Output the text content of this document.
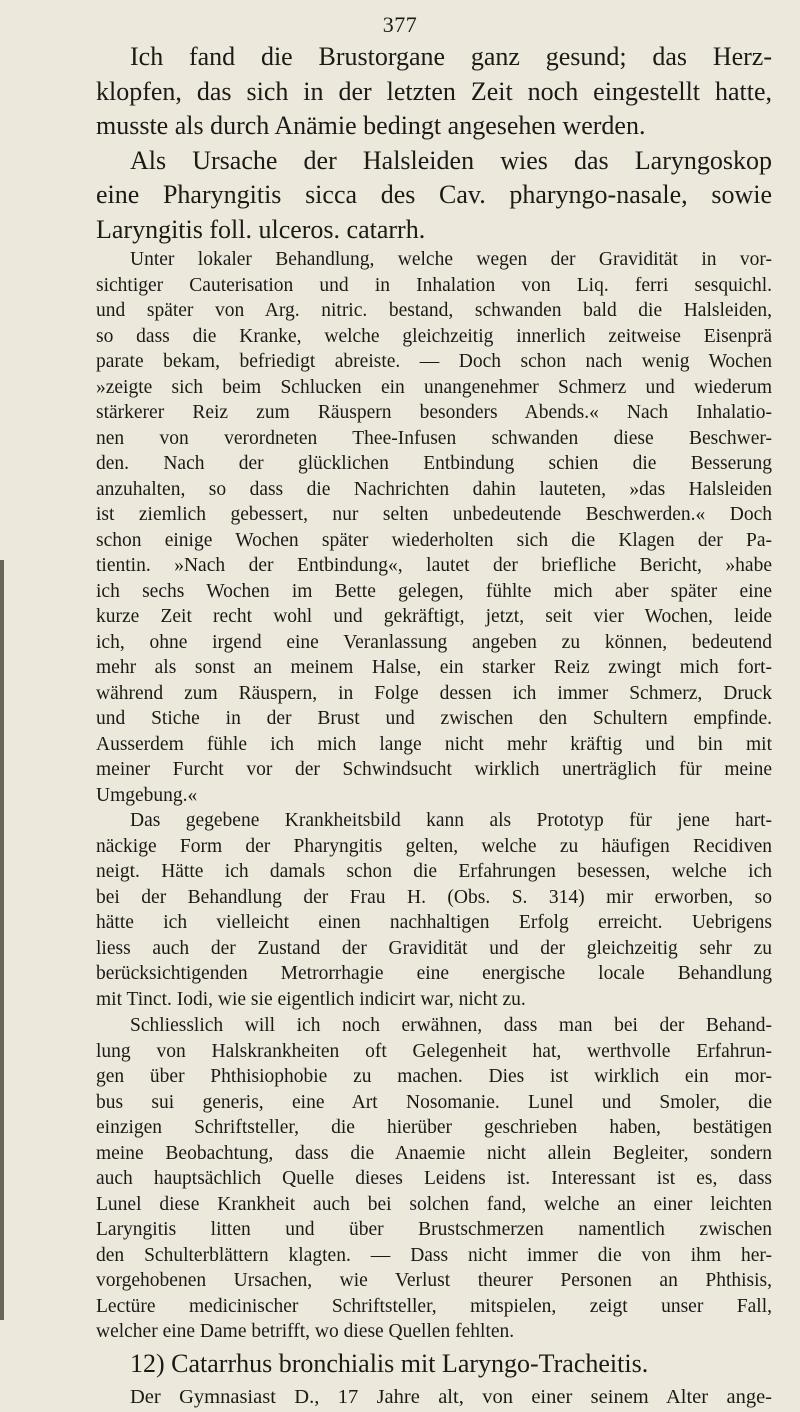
377
Ich fand die Brustorgane ganz gesund; das Herz-
klopfen, das sich in der letzten Zeit noch eingestellt hatte,
musste als durch Anämie bedingt angesehen werden.
Als Ursache der Halsleiden wies das Laryngoskop
eine Pharyngitis sicca des Cav. pharyngo-nasale, sowie
Laryngitis foll. ulceros. catarrh.
Unter lokaler Behandlung, welche wegen der Gravidität in vor-
sichtiger Cauterisation und in Inhalation von Liq. ferri sesquichl.
und später von Arg. nitric. bestand, schwanden bald die Halsleiden,
so dass die Kranke, welche gleichzeitig innerlich zeitweise Eisenprä
parate bekam, befriedigt abreiste. — Doch schon nach wenig Wochen
»zeigte sich beim Schlucken ein unangenehmer Schmerz und wiederum
stärkerer Reiz zum Räuspern besonders Abends.« Nach Inhalatio-
nen von verordneten Thee-Infusen schwanden diese Beschwer-
den. Nach der glücklichen Entbindung schien die Besserung
anzuhalten, so dass die Nachrichten dahin lauteten, »das Halsleiden
ist ziemlich gebessert, nur selten unbedeutende Beschwerden.« Doch
schon einige Wochen später wiederholten sich die Klagen der Pa-
tientin. »Nach der Entbindung«, lautet der briefliche Bericht, »habe
ich sechs Wochen im Bette gelegen, fühlte mich aber später eine
kurze Zeit recht wohl und gekräftigt, jetzt, seit vier Wochen, leide
ich, ohne irgend eine Veranlassung angeben zu können, bedeutend
mehr als sonst an meinem Halse, ein starker Reiz zwingt mich fort-
während zum Räuspern, in Folge dessen ich immer Schmerz, Druck
und Stiche in der Brust und zwischen den Schultern empfinde.
Ausserdem fühle ich mich lange nicht mehr kräftig und bin mit
meiner Furcht vor der Schwindsucht wirklich unerträglich für meine
Umgebung.«
Das gegebene Krankheitsbild kann als Prototyp für jene hart-
näckige Form der Pharyngitis gelten, welche zu häufigen Recidiven
neigt. Hätte ich damals schon die Erfahrungen besessen, welche ich
bei der Behandlung der Frau H. (Obs. S. 314) mir erworben, so
hätte ich vielleicht einen nachhaltigen Erfolg erreicht. Uebrigens
liess auch der Zustand der Gravidität und der gleichzeitig sehr zu
berücksichtigenden Metrorrhagie eine energische locale Behandlung
mit Tinct. Iodi, wie sie eigentlich indicirt war, nicht zu.
Schliesslich will ich noch erwähnen, dass man bei der Behand-
lung von Halskrankheiten oft Gelegenheit hat, werthvolle Erfahrun-
gen über Phthisiophobie zu machen. Dies ist wirklich ein mor-
bus sui generis, eine Art Nosomanie. Lunel und Smoler, die
einzigen Schriftsteller, die hierüber geschrieben haben, bestätigen
meine Beobachtung, dass die Anaemie nicht allein Begleiter, sondern
auch hauptsächlich Quelle dieses Leidens ist. Interessant ist es, dass
Lunel diese Krankheit auch bei solchen fand, welche an einer leichten
Laryngitis litten und über Brustschmerzen namentlich zwischen
den Schulterblättern klagten. — Dass nicht immer die von ihm her-
vorgehobenen Ursachen, wie Verlust theurer Personen an Phthisis,
Lectüre medicinischer Schriftsteller, mitspielen, zeigt unser Fall,
welcher eine Dame betrifft, wo diese Quellen fehlten.
12) Catarrhus bronchialis mit Laryngo-Tracheitis.
Der Gymnasiast D., 17 Jahre alt, von einer seinem Alter ange-
